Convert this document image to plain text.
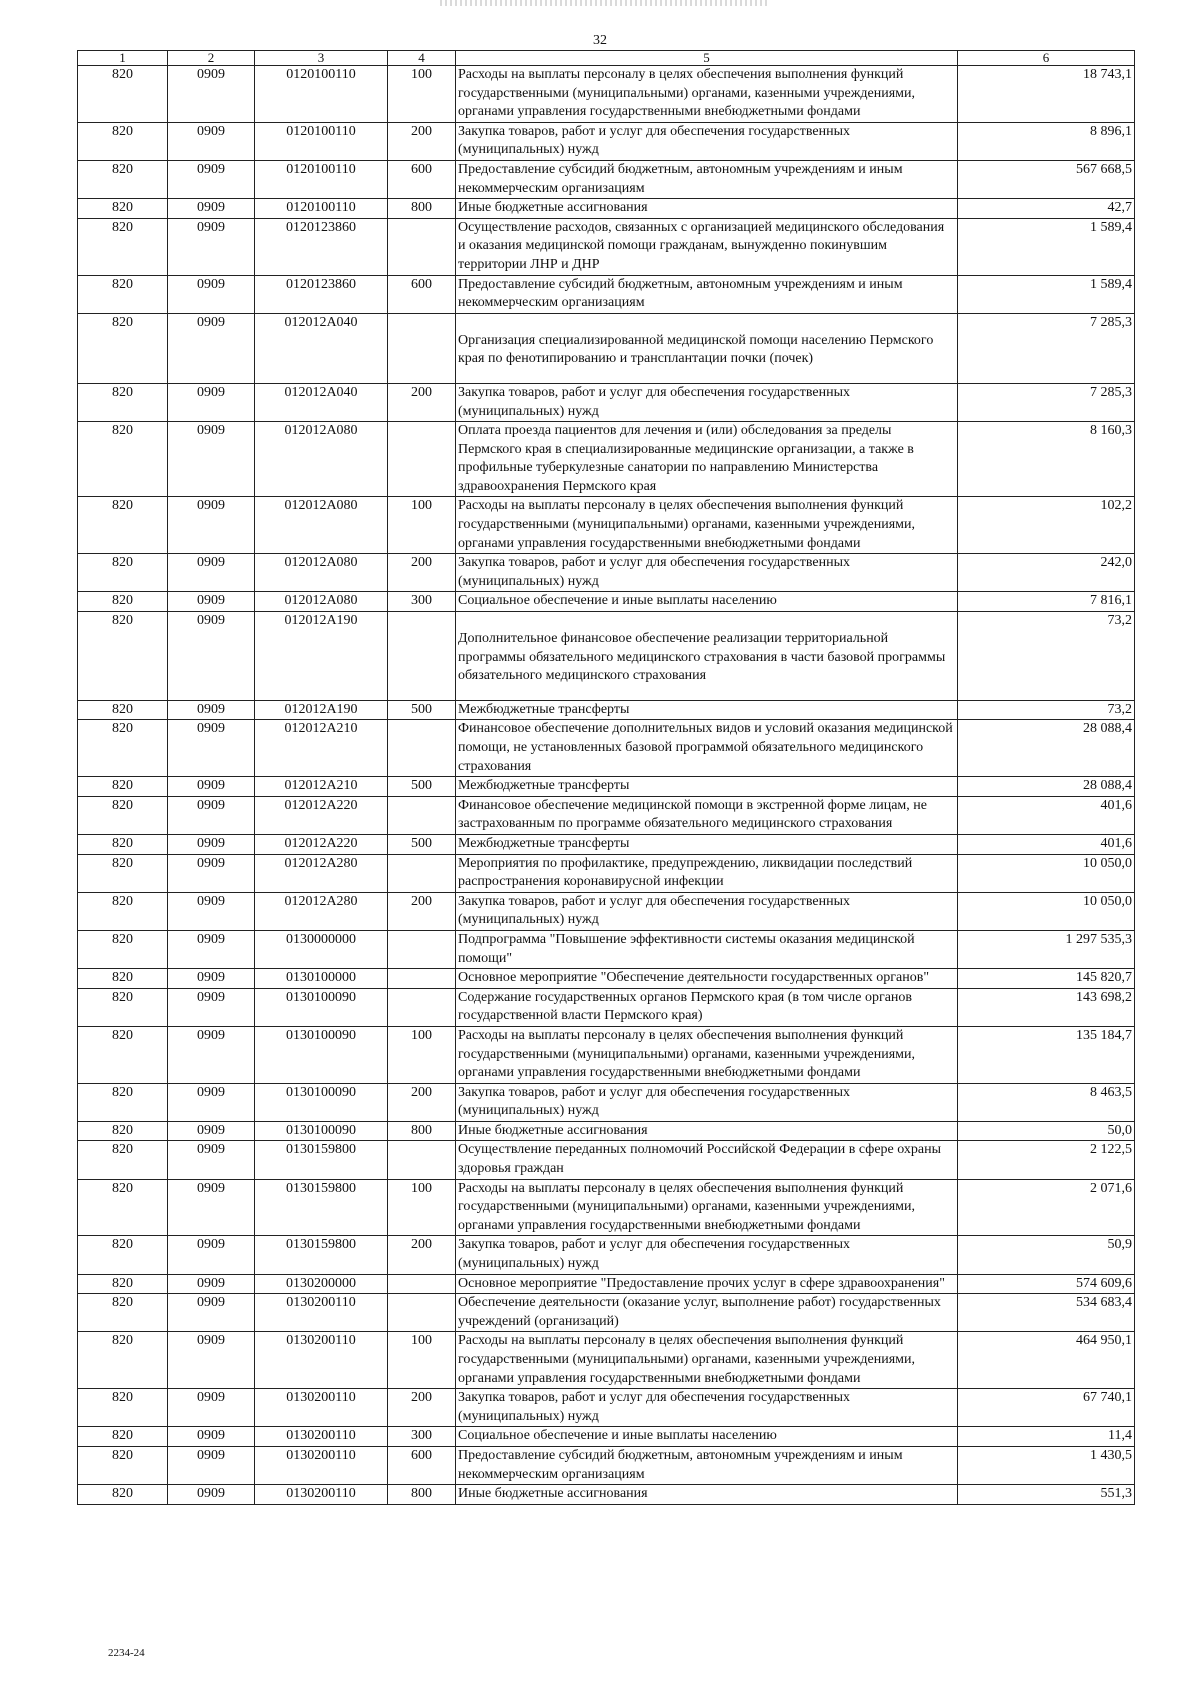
32
1	2	3	4	5	6
820	0909	0120100110	100	Расходы на выплаты персоналу в целях обеспечения выполнения функций государственными (муниципальными) органами, казенными учреждениями, органами управления государственными внебюджетными фондами	18 743,1
820	0909	0120100110	200	Закупка товаров, работ и услуг для обеспечения государственных (муниципальных) нужд	8 896,1
820	0909	0120100110	600	Предоставление субсидий бюджетным, автономным учреждениям и иным некоммерческим организациям	567 668,5
820	0909	0120100110	800	Иные бюджетные ассигнования	42,7
820	0909	0120123860		Осуществление расходов, связанных с организацией медицинского обследования и оказания медицинской помощи гражданам, вынужденно покинувшим территории ЛНР и ДНР	1 589,4
820	0909	0120123860	600	Предоставление субсидий бюджетным, автономным учреждениям и иным некоммерческим организациям	1 589,4
820	0909	012012А040		Организация специализированной медицинской помощи населению Пермского края по фенотипированию и трансплантации почки (почек)	7 285,3
820	0909	012012А040	200	Закупка товаров, работ и услуг для обеспечения государственных (муниципальных) нужд	7 285,3
820	0909	012012А080		Оплата проезда пациентов для лечения и (или) обследования за пределы Пермского края в специализированные медицинские организации, а также в профильные туберкулезные санатории по направлению Министерства здравоохранения Пермского края	8 160,3
820	0909	012012А080	100	Расходы на выплаты персоналу в целях обеспечения выполнения функций государственными (муниципальными) органами, казенными учреждениями, органами управления государственными внебюджетными фондами	102,2
820	0909	012012А080	200	Закупка товаров, работ и услуг для обеспечения государственных (муниципальных) нужд	242,0
820	0909	012012А080	300	Социальное обеспечение и иные выплаты населению	7 816,1
820	0909	012012А190		Дополнительное финансовое обеспечение реализации территориальной программы обязательного медицинского страхования в части базовой программы обязательного медицинского страхования	73,2
820	0909	012012А190	500	Межбюджетные трансферты	73,2
820	0909	012012А210		Финансовое обеспечение дополнительных видов и условий оказания медицинской помощи, не установленных базовой программой обязательного медицинского страхования	28 088,4
820	0909	012012А210	500	Межбюджетные трансферты	28 088,4
820	0909	012012А220		Финансовое обеспечение медицинской помощи в экстренной форме лицам, не застрахованным по программе обязательного медицинского страхования	401,6
820	0909	012012А220	500	Межбюджетные трансферты	401,6
820	0909	012012А280		Мероприятия по профилактике, предупреждению, ликвидации последствий распространения коронавирусной инфекции	10 050,0
820	0909	012012А280	200	Закупка товаров, работ и услуг для обеспечения государственных (муниципальных) нужд	10 050,0
820	0909	0130000000		Подпрограмма "Повышение эффективности системы оказания медицинской помощи"	1 297 535,3
820	0909	0130100000		Основное мероприятие "Обеспечение деятельности государственных органов"	145 820,7
820	0909	0130100090		Содержание государственных органов Пермского края (в том числе органов государственной власти Пермского края)	143 698,2
820	0909	0130100090	100	Расходы на выплаты персоналу в целях обеспечения выполнения функций государственными (муниципальными) органами, казенными учреждениями, органами управления государственными внебюджетными фондами	135 184,7
820	0909	0130100090	200	Закупка товаров, работ и услуг для обеспечения государственных (муниципальных) нужд	8 463,5
820	0909	0130100090	800	Иные бюджетные ассигнования	50,0
820	0909	0130159800		Осуществление переданных полномочий Российской Федерации в сфере охраны здоровья граждан	2 122,5
820	0909	0130159800	100	Расходы на выплаты персоналу в целях обеспечения выполнения функций государственными (муниципальными) органами, казенными учреждениями, органами управления государственными внебюджетными фондами	2 071,6
820	0909	0130159800	200	Закупка товаров, работ и услуг для обеспечения государственных (муниципальных) нужд	50,9
820	0909	0130200000		Основное мероприятие "Предоставление прочих услуг в сфере здравоохранения"	574 609,6
820	0909	0130200110		Обеспечение деятельности (оказание услуг, выполнение работ) государственных учреждений (организаций)	534 683,4
820	0909	0130200110	100	Расходы на выплаты персоналу в целях обеспечения выполнения функций государственными (муниципальными) органами, казенными учреждениями, органами управления государственными внебюджетными фондами	464 950,1
820	0909	0130200110	200	Закупка товаров, работ и услуг для обеспечения государственных (муниципальных) нужд	67 740,1
820	0909	0130200110	300	Социальное обеспечение и иные выплаты населению	11,4
820	0909	0130200110	600	Предоставление субсидий бюджетным, автономным учреждениям и иным некоммерческим организациям	1 430,5
820	0909	0130200110	800	Иные бюджетные ассигнования	551,3
2234-24
